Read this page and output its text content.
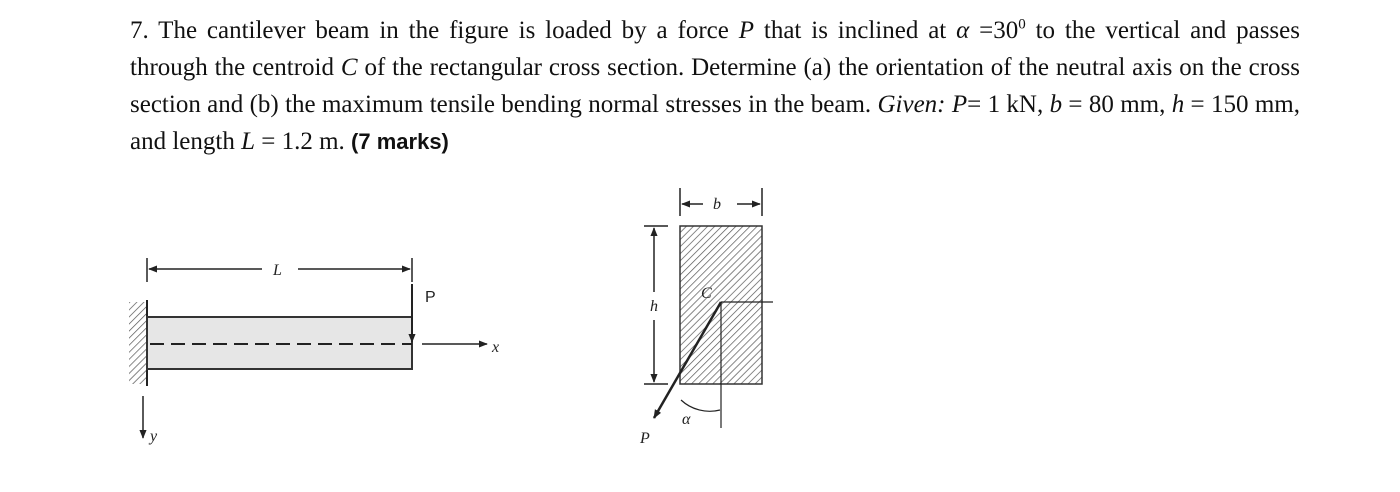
7. The cantilever beam in the figure is loaded by a force P that is inclined at $\alpha =30^0$ to the vertical and passes through the centroid C of the rectangular cross section. Determine (a) the orientation of the neutral axis on the cross section and (b) the maximum tensile bending normal stresses in the beam. Given: P= 1 kN, b = 80 mm, h = 150 mm, and length L = 1.2 m. (7 marks)

x
L
P
y
b
h
C
α
P
